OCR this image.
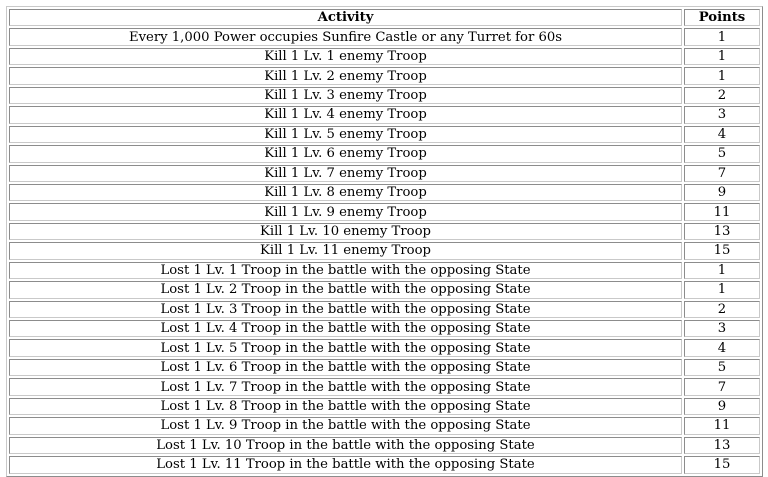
Activity	Points
Every 1,000 Power occupies Sunfire Castle or any Turret for 60s	1
Kill 1 Lv. 1 enemy Troop	1
Kill 1 Lv. 2 enemy Troop	1
Kill 1 Lv. 3 enemy Troop	2
Kill 1 Lv. 4 enemy Troop	3
Kill 1 Lv. 5 enemy Troop	4
Kill 1 Lv. 6 enemy Troop	5
Kill 1 Lv. 7 enemy Troop	7
Kill 1 Lv. 8 enemy Troop	9
Kill 1 Lv. 9 enemy Troop	11
Kill 1 Lv. 10 enemy Troop	13
Kill 1 Lv. 11 enemy Troop	15
Lost 1 Lv. 1 Troop in the battle with the opposing State	1
Lost 1 Lv. 2 Troop in the battle with the opposing State	1
Lost 1 Lv. 3 Troop in the battle with the opposing State	2
Lost 1 Lv. 4 Troop in the battle with the opposing State	3
Lost 1 Lv. 5 Troop in the battle with the opposing State	4
Lost 1 Lv. 6 Troop in the battle with the opposing State	5
Lost 1 Lv. 7 Troop in the battle with the opposing State	7
Lost 1 Lv. 8 Troop in the battle with the opposing State	9
Lost 1 Lv. 9 Troop in the battle with the opposing State	11
Lost 1 Lv. 10 Troop in the battle with the opposing State	13
Lost 1 Lv. 11 Troop in the battle with the opposing State	15
